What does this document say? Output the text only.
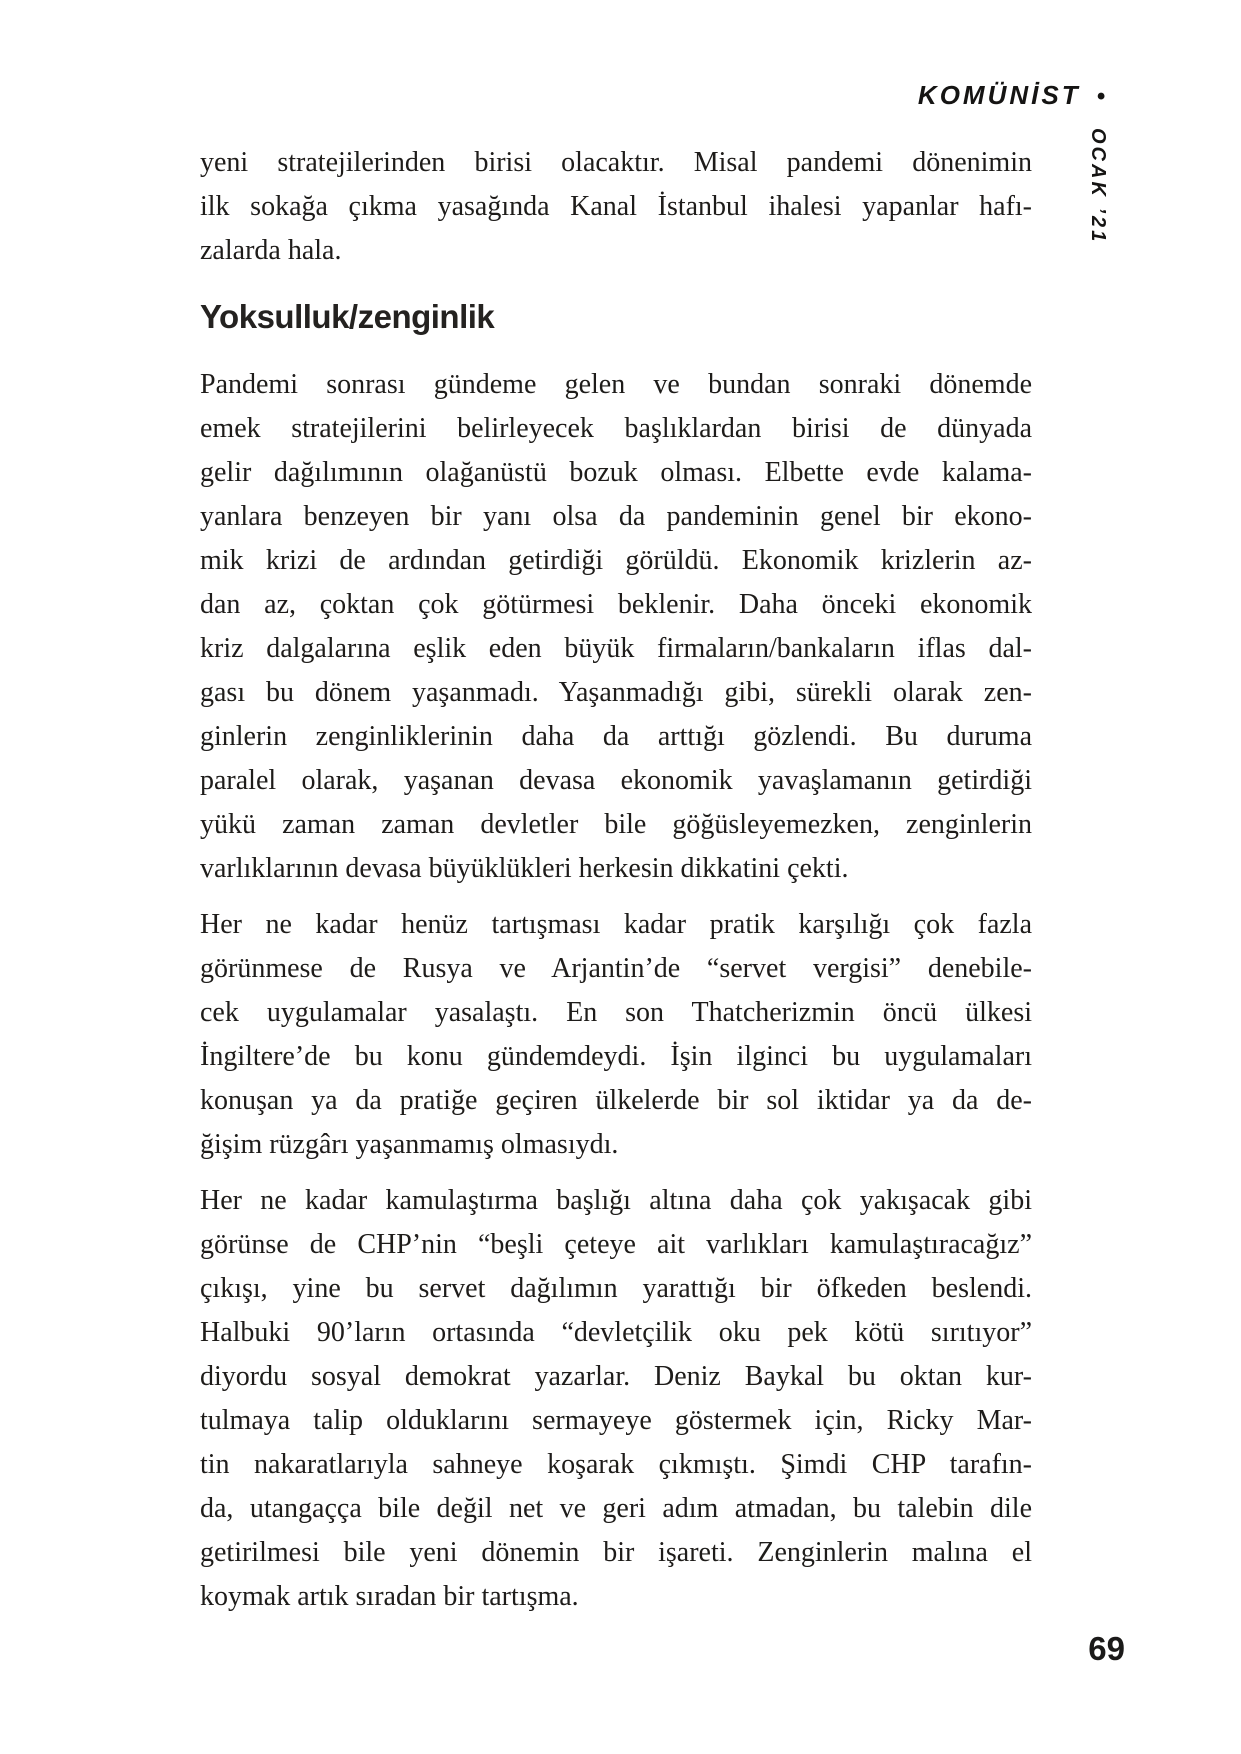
KOMÜNİST •
OCAK ’21
yeni stratejilerinden birisi olacaktır. Misal pandemi dönenimin
ilk sokağa çıkma yasağında Kanal İstanbul ihalesi yapanlar hafı-
zalarda hala.
Yoksulluk/zenginlik
Pandemi sonrası gündeme gelen ve bundan sonraki dönemde
emek stratejilerini belirleyecek başlıklardan birisi de dünyada
gelir dağılımının olağanüstü bozuk olması. Elbette evde kalama-
yanlara benzeyen bir yanı olsa da pandeminin genel bir ekono-
mik krizi de ardından getirdiği görüldü. Ekonomik krizlerin az-
dan az, çoktan çok götürmesi beklenir. Daha önceki ekonomik
kriz dalgalarına eşlik eden büyük firmaların/bankaların iflas dal-
gası bu dönem yaşanmadı. Yaşanmadığı gibi, sürekli olarak zen-
ginlerin zenginliklerinin daha da arttığı gözlendi. Bu duruma
paralel olarak, yaşanan devasa ekonomik yavaşlamanın getirdiği
yükü zaman zaman devletler bile göğüsleyemezken, zenginlerin
varlıklarının devasa büyüklükleri herkesin dikkatini çekti.
Her ne kadar henüz tartışması kadar pratik karşılığı çok fazla
görünmese de Rusya ve Arjantin’de “servet vergisi” denebile-
cek uygulamalar yasalaştı. En son Thatcherizmin öncü ülkesi
İngiltere’de bu konu gündemdeydi. İşin ilginci bu uygulamaları
konuşan ya da pratiğe geçiren ülkelerde bir sol iktidar ya da de-
ğişim rüzgârı yaşanmamış olmasıydı.
Her ne kadar kamulaştırma başlığı altına daha çok yakışacak gibi
görünse de CHP’nin “beşli çeteye ait varlıkları kamulaştıracağız”
çıkışı, yine bu servet dağılımın yarattığı bir öfkeden beslendi.
Halbuki 90’ların ortasında “devletçilik oku pek kötü sırıtıyor”
diyordu sosyal demokrat yazarlar. Deniz Baykal bu oktan kur-
tulmaya talip olduklarını sermayeye göstermek için, Ricky Mar-
tin nakaratlarıyla sahneye koşarak çıkmıştı. Şimdi CHP tarafın-
da, utangaçça bile değil net ve geri adım atmadan, bu talebin dile
getirilmesi bile yeni dönemin bir işareti. Zenginlerin malına el
koymak artık sıradan bir tartışma.
69
